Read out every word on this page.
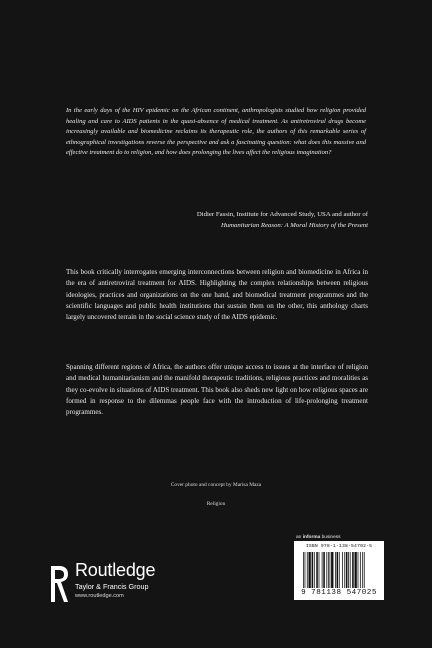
In the early days of the HIV epidemic on the African continent, anthropologists studied how religion provided healing and care to AIDS patients in the quasi-absence of medical treatment. As antiretroviral drugs become increasingly available and biomedicine reclaims its therapeutic role, the authors of this remarkable series of ethnographical investigations reverse the perspective and ask a fascinating question: what does this massive and effective treatment do to religion, and how does prolonging the lives affect the religious imagination?

Didier Fassin, Institute for Advanced Study, USA and author of
Humanitarian Reason: A Moral History of the Present

This book critically interrogates emerging interconnections between religion and biomedicine in Africa in the era of antiretroviral treatment for AIDS. Highlighting the complex relationships between religious ideologies, practices and organizations on the one hand, and biomedical treatment programmes and the scientific languages and public health institutions that sustain them on the other, this anthology charts largely uncovered terrain in the social science study of the AIDS epidemic.

Spanning different regions of Africa, the authors offer unique access to issues at the interface of religion and medical humanitarianism and the manifold therapeutic traditions, religious practices and moralities as they co-evolve in situations of AIDS treatment. This book also sheds new light on how religious spaces are formed in response to the dilemmas people face with the introduction of life-prolonging treatment programmes.

Cover photo and concept by Marisa Maza
Religion
an informa business
Routledge
Taylor & Francis Group
www.routledge.com
ISBN 978-1-138-54702-5
9 781138 547025
